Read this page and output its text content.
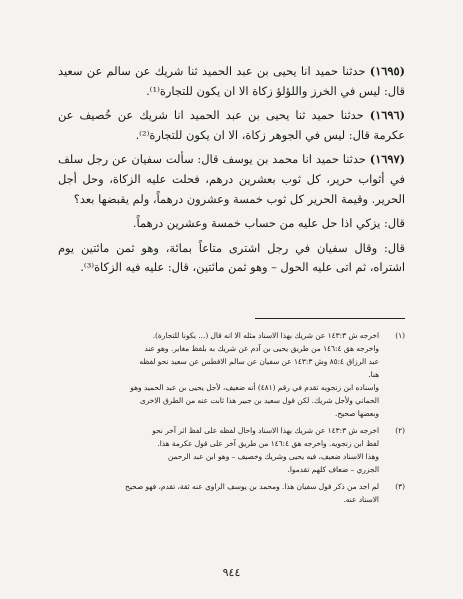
(١٦٩٥) حدثنا حميد انا يحيى بن عبد الحميد ثنا شريك عن سالم عن سعيد قال: ليس في الخرز واللؤلؤ زكاة الا ان يكون للتجارة⁽¹⁾.

(١٦٩٦) حدثنا حميد ثنا يحيى بن عبد الحميد انا شريك عن خُصيف عن عكرمة قال: ليس في الجوهر زكاة، الا ان يكون للتجارة⁽²⁾.

(١٦٩٧) حدثنا حميد انا محمد بن يوسف قال: سألت سفيان عن رجل سلف في أثواب حرير، كل ثوب بعشرين درهم، فحلت عليه الزكاة، وحل أجل الحرير. وقيمة الحرير كل ثوب خمسة وعشرون درهماً، ولم يقبضها بعد؟

قال: يزكي اذا حل عليه من حساب خمسة وعشرين درهماً.

قال: وقال سفيان في رجل اشترى متاعاً بمائة، وهو ثمن مائتين يوم اشتراه، ثم اتى عليه الحول – وهو ثمن مائتين، قال: عليه فيه الزكاة⁽³⁾.

(١)
اخرجه ش ١٤٣:٣ عن شريك بهذا الاسناد مثله الا انه قال (... يكونا للتجارة).
واخرجه هق ١٤٦:٤ من طريق يحيى بن آدم عن شريك به بلفظ مغاير. وهو عند
عبد الرزاق ٨٥:٤ وش ١٤٣:٣ عن سفيان عن سالم الافطس عن سعيد نحو لفظه
هنا.
واسناده ابن زنجويه تقدم في رقم (٤٨١) أنه ضعيف، لأجل يحيى بن عبد الحميد وهو
الحماني ولأجل شريك. لكن قول سعيد بن جبير هذا ثابت عنه من الطرق الاخرى
وبعضها صحيح.
(٢)
اخرجه ش ١٤٣:٣ عن شريك بهذا الاسناد واحال لفظه على لفظ اثر آخر نحو
لفظ ابن زنجويه. واخرجه هق ١٤٦:٤ من طريق آخر على قول عكرمة هذا.
وهذا الاسناد ضعيف، فيه يحيى وشريك وخصيف – وهو ابن عبد الرحمن
الجزري – ضعاف كلهم تقدموا.
(٣)
لم اجد من ذكر قول سفيان هذا. ومحمد بن يوسف الراوي عنه ثقة، تقدم، فهو صحيح
الاسناد عنه.
٩٤٤
